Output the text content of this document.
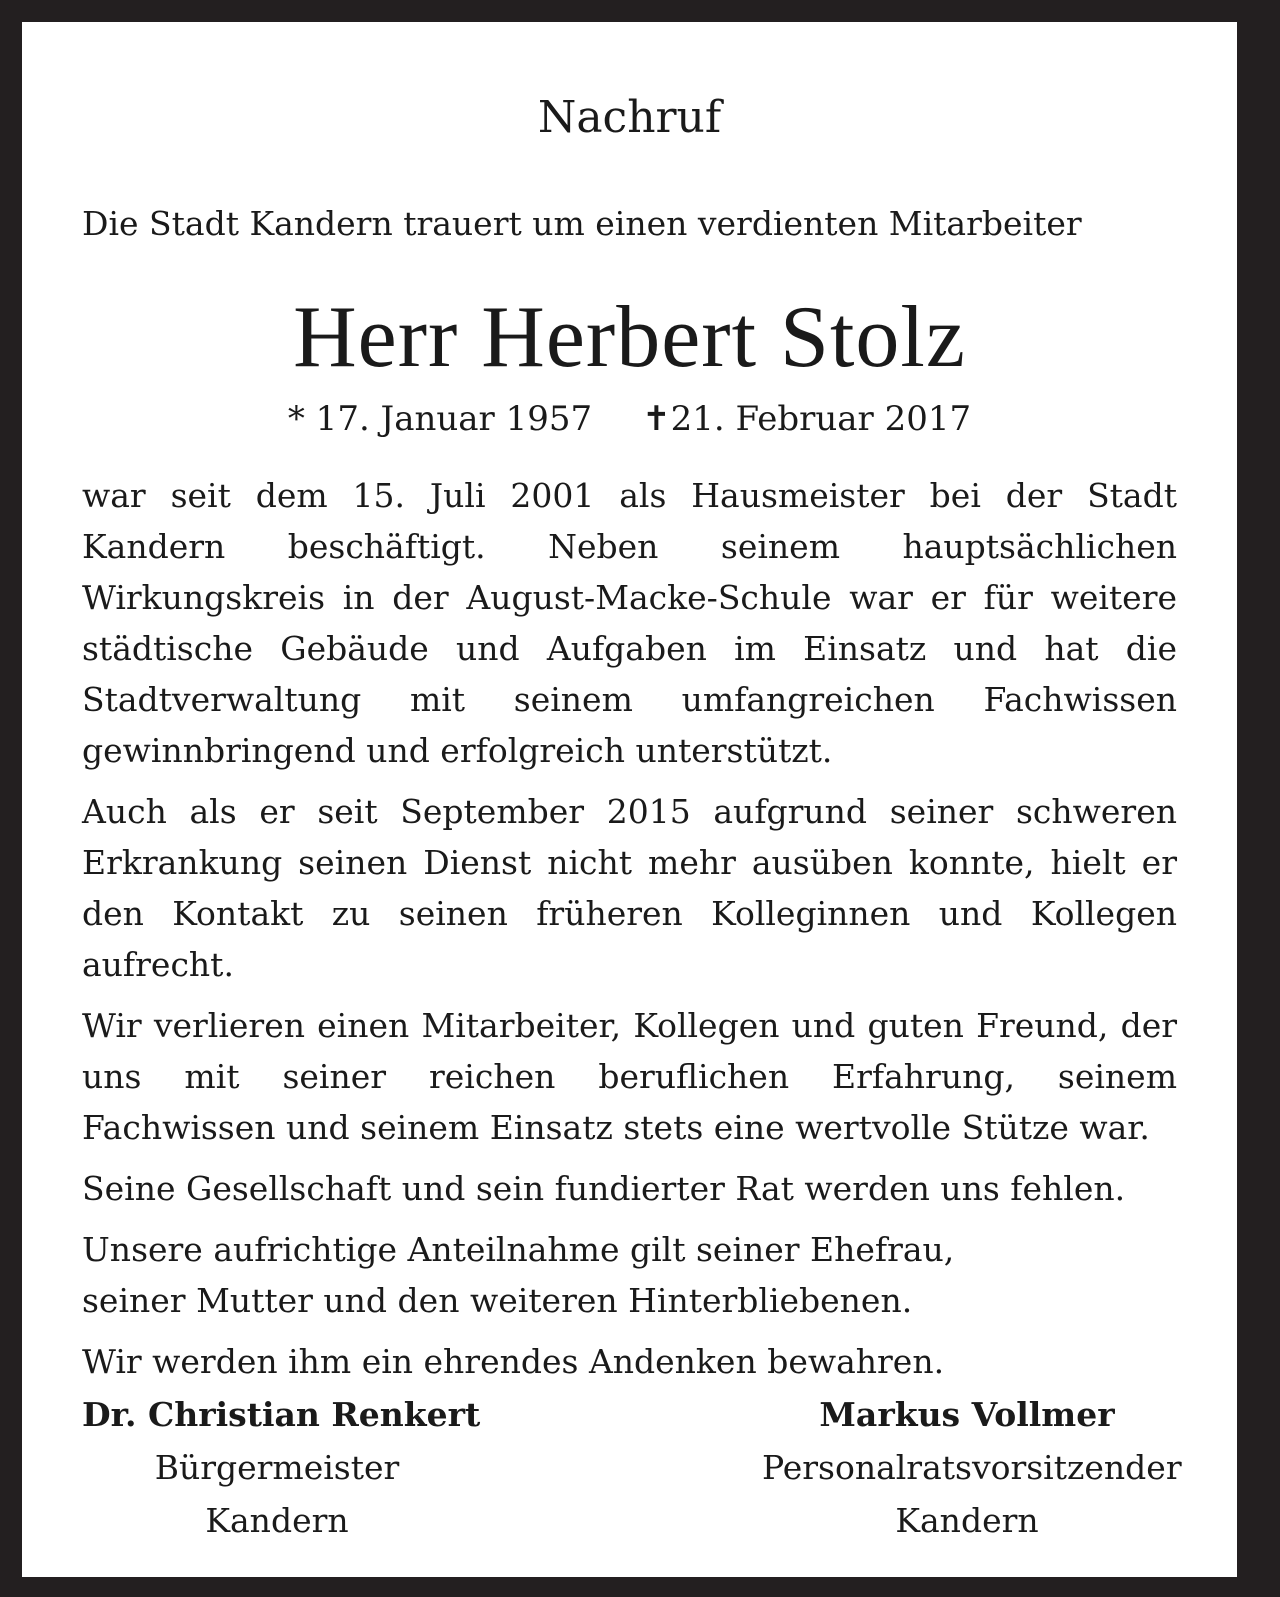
Nachruf
Die Stadt Kandern trauert um einen verdienten Mitarbeiter
Herr Herbert Stolz
* 17. Januar 1957 ✝21. Februar 2017

war seit dem 15. Juli 2001 als Hausmeister bei der Stadt Kandern beschäftigt. Neben seinem hauptsächlichen Wirkungskreis in der August-Macke-Schule war er für weitere städtische Gebäude und Aufgaben im Einsatz und hat die Stadtverwaltung mit seinem umfangreichen Fachwissen gewinnbringend und erfolgreich unterstützt.

Auch als er seit September 2015 aufgrund seiner schweren Erkrankung seinen Dienst nicht mehr ausüben konnte, hielt er den Kontakt zu seinen früheren Kolleginnen und Kollegen aufrecht.

Wir verlieren einen Mitarbeiter, Kollegen und guten Freund, der uns mit seiner reichen beruflichen Erfahrung, seinem Fachwissen und seinem Einsatz stets eine wertvolle Stütze war.

Seine Gesellschaft und sein fundierter Rat werden uns fehlen.

Unsere aufrichtige Anteilnahme gilt seiner Ehefrau,
seiner Mutter und den weiteren Hinterbliebenen.

Wir werden ihm ein ehrendes Andenken bewahren.

Dr. Christian Renkert
Bürgermeister
Kandern
Markus Vollmer
Personalratsvorsitzender
Kandern
